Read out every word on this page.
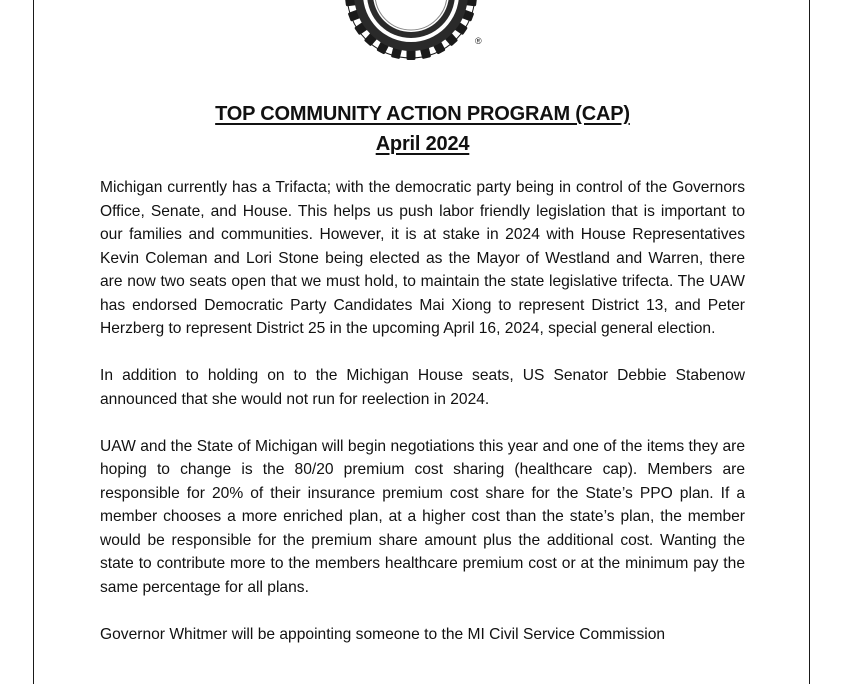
®
TOP COMMUNITY ACTION PROGRAM (CAP)
April 2024

Michigan currently has a Trifacta; with the democratic party being in control of the Governors Office, Senate, and House. This helps us push labor friendly legislation that is important to our families and communities. However, it is at stake in 2024 with House Representatives Kevin Coleman and Lori Stone being elected as the Mayor of Westland and Warren, there are now two seats open that we must hold, to maintain the state legislative trifecta. The UAW has endorsed Democratic Party Candidates Mai Xiong to represent District 13, and Peter Herzberg to represent District 25 in the upcoming April 16, 2024, special general election.

In addition to holding on to the Michigan House seats, US Senator Debbie Stabenow announced that she would not run for reelection in 2024.

UAW and the State of Michigan will begin negotiations this year and one of the items they are hoping to change is the 80/20 premium cost sharing (healthcare cap). Members are responsible for 20% of their insurance premium cost share for the State’s PPO plan. If a member chooses a more enriched plan, at a higher cost than the state’s plan, the member would be responsible for the premium share amount plus the additional cost. Wanting the state to contribute more to the members healthcare premium cost or at the minimum pay the same percentage for all plans.

Governor Whitmer will be appointing someone to the MI Civil Service Commission
